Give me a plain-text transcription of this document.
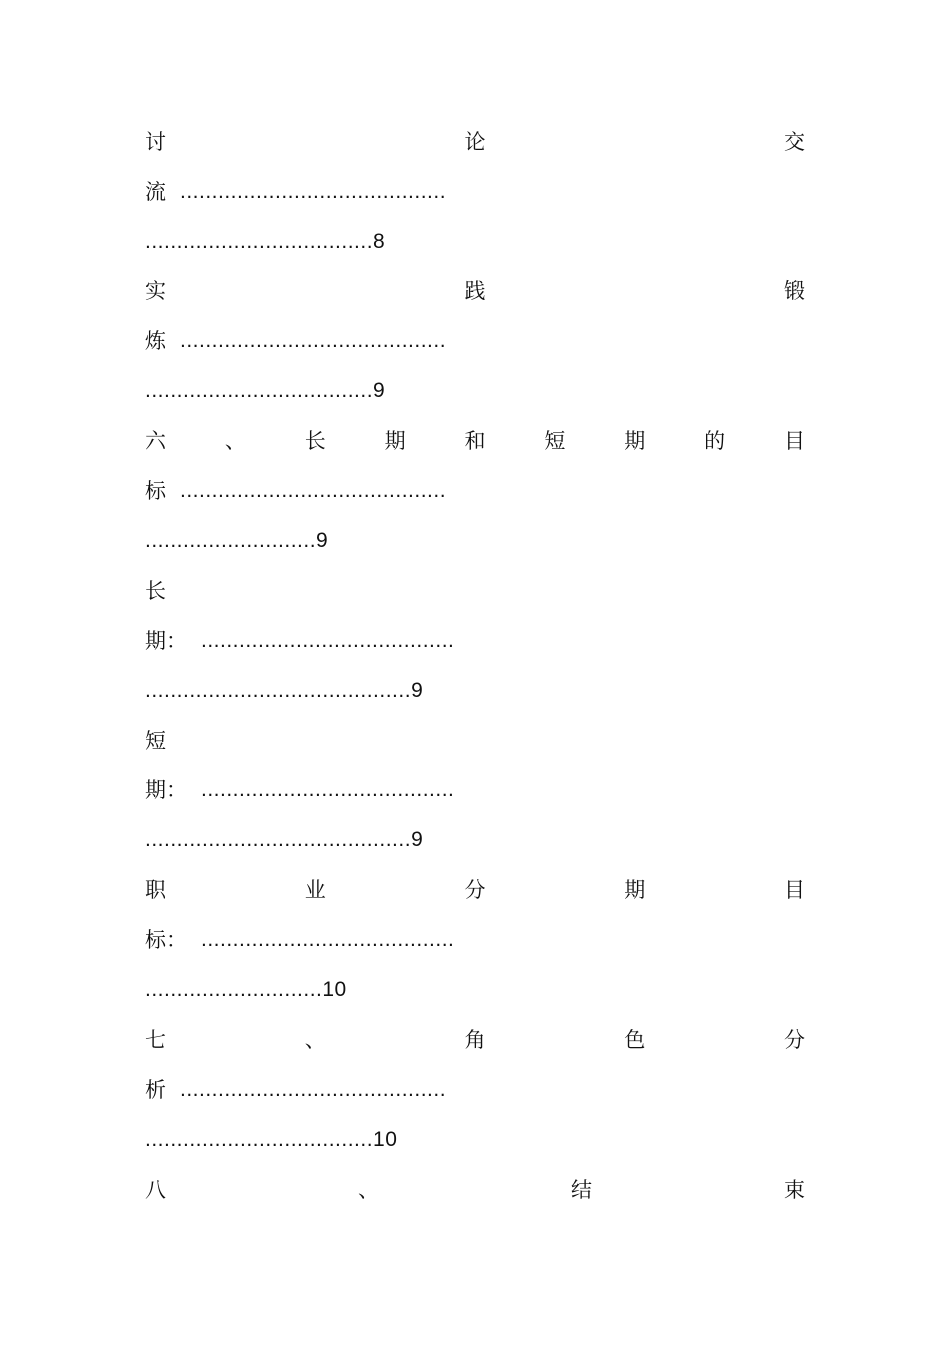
讨	论	交
流 ..........................................
....................................8
实	践	锻
炼 ..........................................
....................................9
六	、	长	期	和	短	期	的	目
标 ..........................................
...........................9
长
期： ........................................
..........................................9
短
期： ........................................
..........................................9
职	业	分	期	目
标： ........................................
............................10
七	、	角	色	分
析 ..........................................
....................................10
八	、	结	束
